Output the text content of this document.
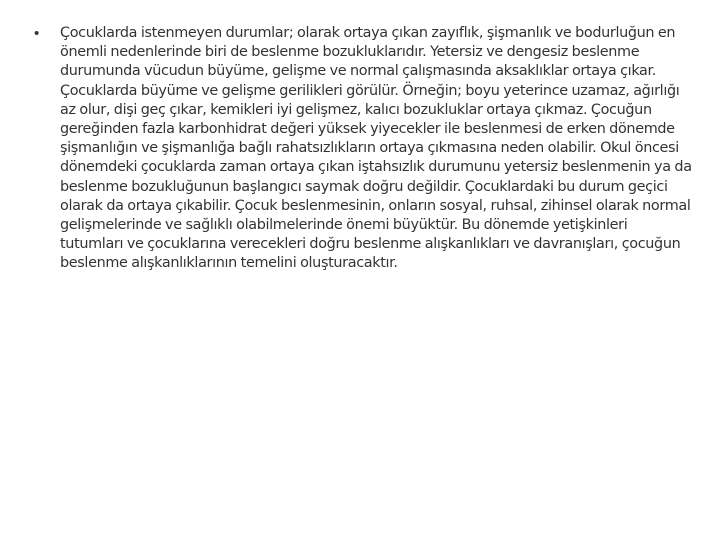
•	Çocuklarda istenmeyen durumlar; olarak ortaya çıkan zayıflık, şişmanlık ve bodurluğun en önemli nedenlerinde biri de beslenme bozukluklarıdır. Yetersiz ve dengesiz beslenme durumunda vücudun büyüme, gelişme ve normal çalışmasında aksaklıklar ortaya çıkar. Çocuklarda büyüme ve gelişme gerilikleri görülür. Örneğin; boyu yeterince uzamaz, ağırlığı az olur, dişi geç çıkar, kemikleri iyi gelişmez, kalıcı bozukluklar ortaya çıkmaz. Çocuğun gereğinden fazla karbonhidrat değeri yüksek yiyecekler ile beslenmesi de erken dönemde şişmanlığın ve şişmanlığa bağlı rahatsızlıkların ortaya çıkmasına neden olabilir. Okul öncesi dönemdeki çocuklarda zaman ortaya çıkan iştahsızlık durumunu yetersiz beslenmenin ya da beslenme bozukluğunun başlangıcı saymak doğru değildir. Çocuklardaki bu durum geçici olarak da ortaya çıkabilir. Çocuk beslenmesinin, onların sosyal, ruhsal, zihinsel olarak normal gelişmelerinde ve sağlıklı olabilmelerinde önemi büyüktür. Bu dönemde yetişkinleri tutumları ve çocuklarına verecekleri doğru beslenme alışkanlıkları ve davranışları, çocuğun beslenme alışkanlıklarının temelini oluşturacaktır.
